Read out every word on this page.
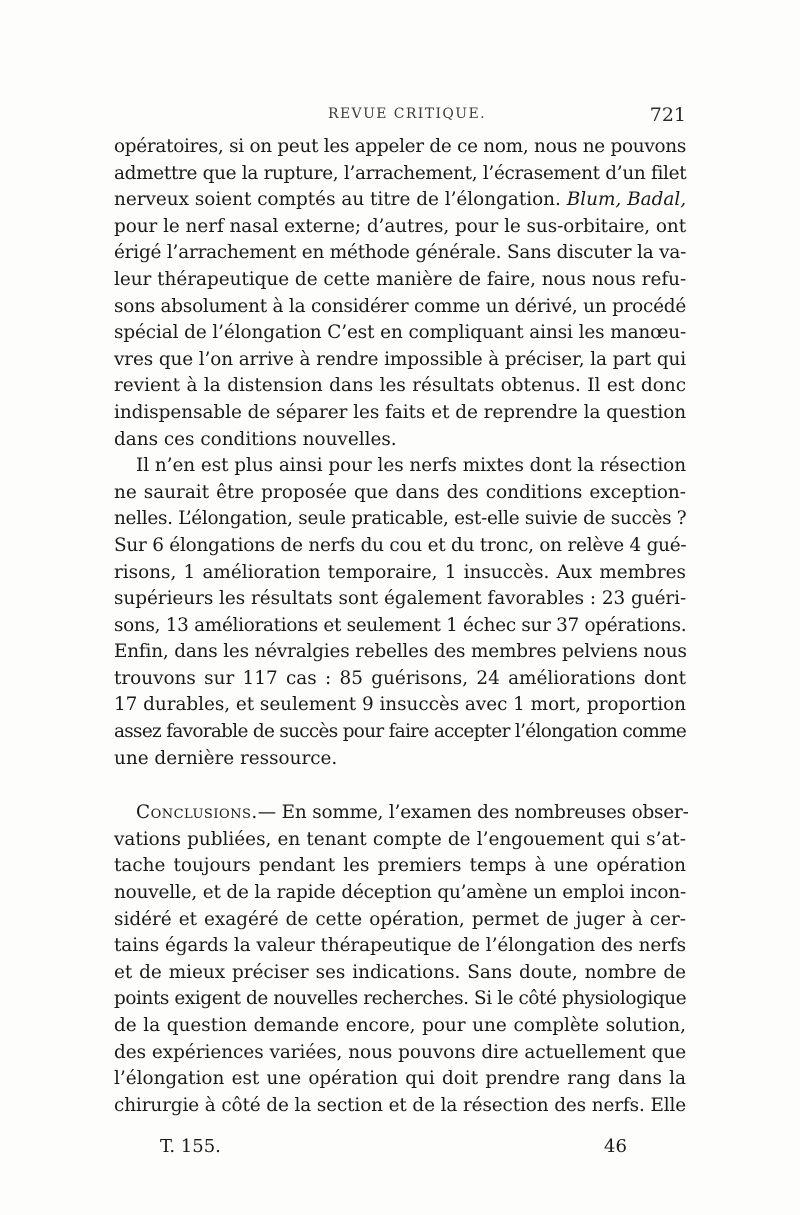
REVUE CRITIQUE.	721
opératoires, si on peut les appeler de ce nom, nous ne pouvons
admettre que la rupture, l’arrachement, l’écrasement d’un filet
nerveux soient comptés au titre de l’élongation. Blum, Badal,
pour le nerf nasal externe; d’autres, pour le sus-orbitaire, ont
érigé l’arrachement en méthode générale. Sans discuter la va-
leur thérapeutique de cette manière de faire, nous nous refu-
sons absolument à la considérer comme un dérivé, un procédé
spécial de l’élongation C’est en compliquant ainsi les manœu-
vres que l’on arrive à rendre impossible à préciser, la part qui
revient à la distension dans les résultats obtenus. Il est donc
indispensable de séparer les faits et de reprendre la question
dans ces conditions nouvelles.
Il n’en est plus ainsi pour les nerfs mixtes dont la résection
ne saurait être proposée que dans des conditions exception-
nelles. L’élongation, seule praticable, est-elle suivie de succès ?
Sur 6 élongations de nerfs du cou et du tronc, on relève 4 gué-
risons, 1 amélioration temporaire, 1 insuccès. Aux membres
supérieurs les résultats sont également favorables : 23 guéri-
sons, 13 améliorations et seulement 1 échec sur 37 opérations.
Enfin, dans les névralgies rebelles des membres pelviens nous
trouvons sur 117 cas : 85 guérisons, 24 améliorations dont
17 durables, et seulement 9 insuccès avec 1 mort, proportion
assez favorable de succès pour faire accepter l’élongation comme
une dernière ressource.
Conclusions.— En somme, l’examen des nombreuses obser-
vations publiées, en tenant compte de l’engouement qui s’at-
tache toujours pendant les premiers temps à une opération
nouvelle, et de la rapide déception qu’amène un emploi incon-
sidéré et exagéré de cette opération, permet de juger à cer-
tains égards la valeur thérapeutique de l’élongation des nerfs
et de mieux préciser ses indications. Sans doute, nombre de
points exigent de nouvelles recherches. Si le côté physiologique
de la question demande encore, pour une complète solution,
des expériences variées, nous pouvons dire actuellement que
l’élongation est une opération qui doit prendre rang dans la
chirurgie à côté de la section et de la résection des nerfs. Elle
T. 155.	46
